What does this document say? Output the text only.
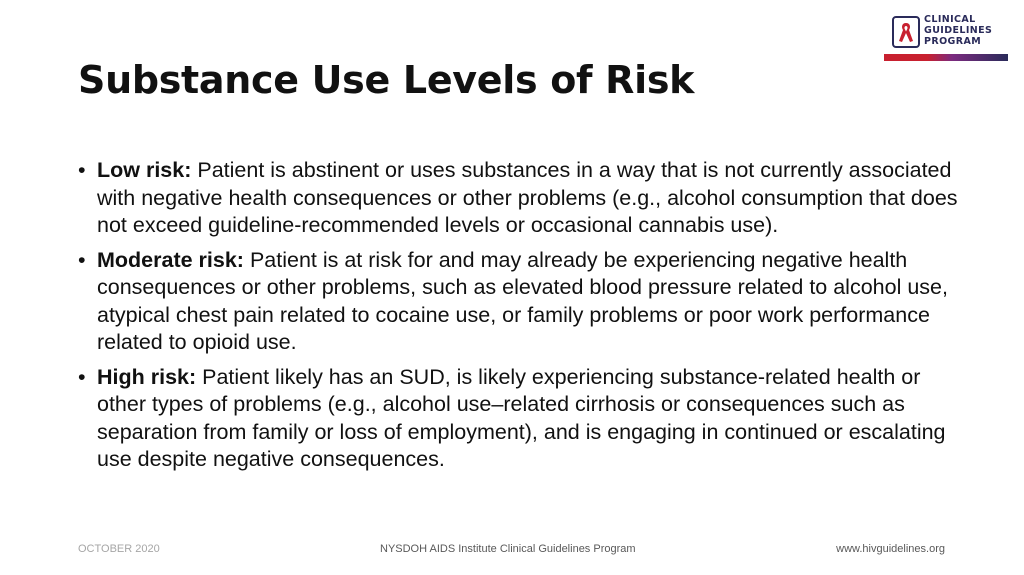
CLINICAL
GUIDELINES
PROGRAM
Substance Use Levels of Risk
• Low risk: Patient is abstinent or uses substances in a way that is not currently associated with negative health consequences or other problems (e.g., alcohol consumption that does not exceed guideline-recommended levels or occasional cannabis use).
• Moderate risk: Patient is at risk for and may already be experiencing negative health consequences or other problems, such as elevated blood pressure related to alcohol use, atypical chest pain related to cocaine use, or family problems or poor work performance related to opioid use.
• High risk: Patient likely has an SUD, is likely experiencing substance-related health or other types of problems (e.g., alcohol use–related cirrhosis or consequences such as separation from family or loss of employment), and is engaging in continued or escalating use despite negative consequences.
OCTOBER 2020	NYSDOH AIDS Institute Clinical Guidelines Program	www.hivguidelines.org
